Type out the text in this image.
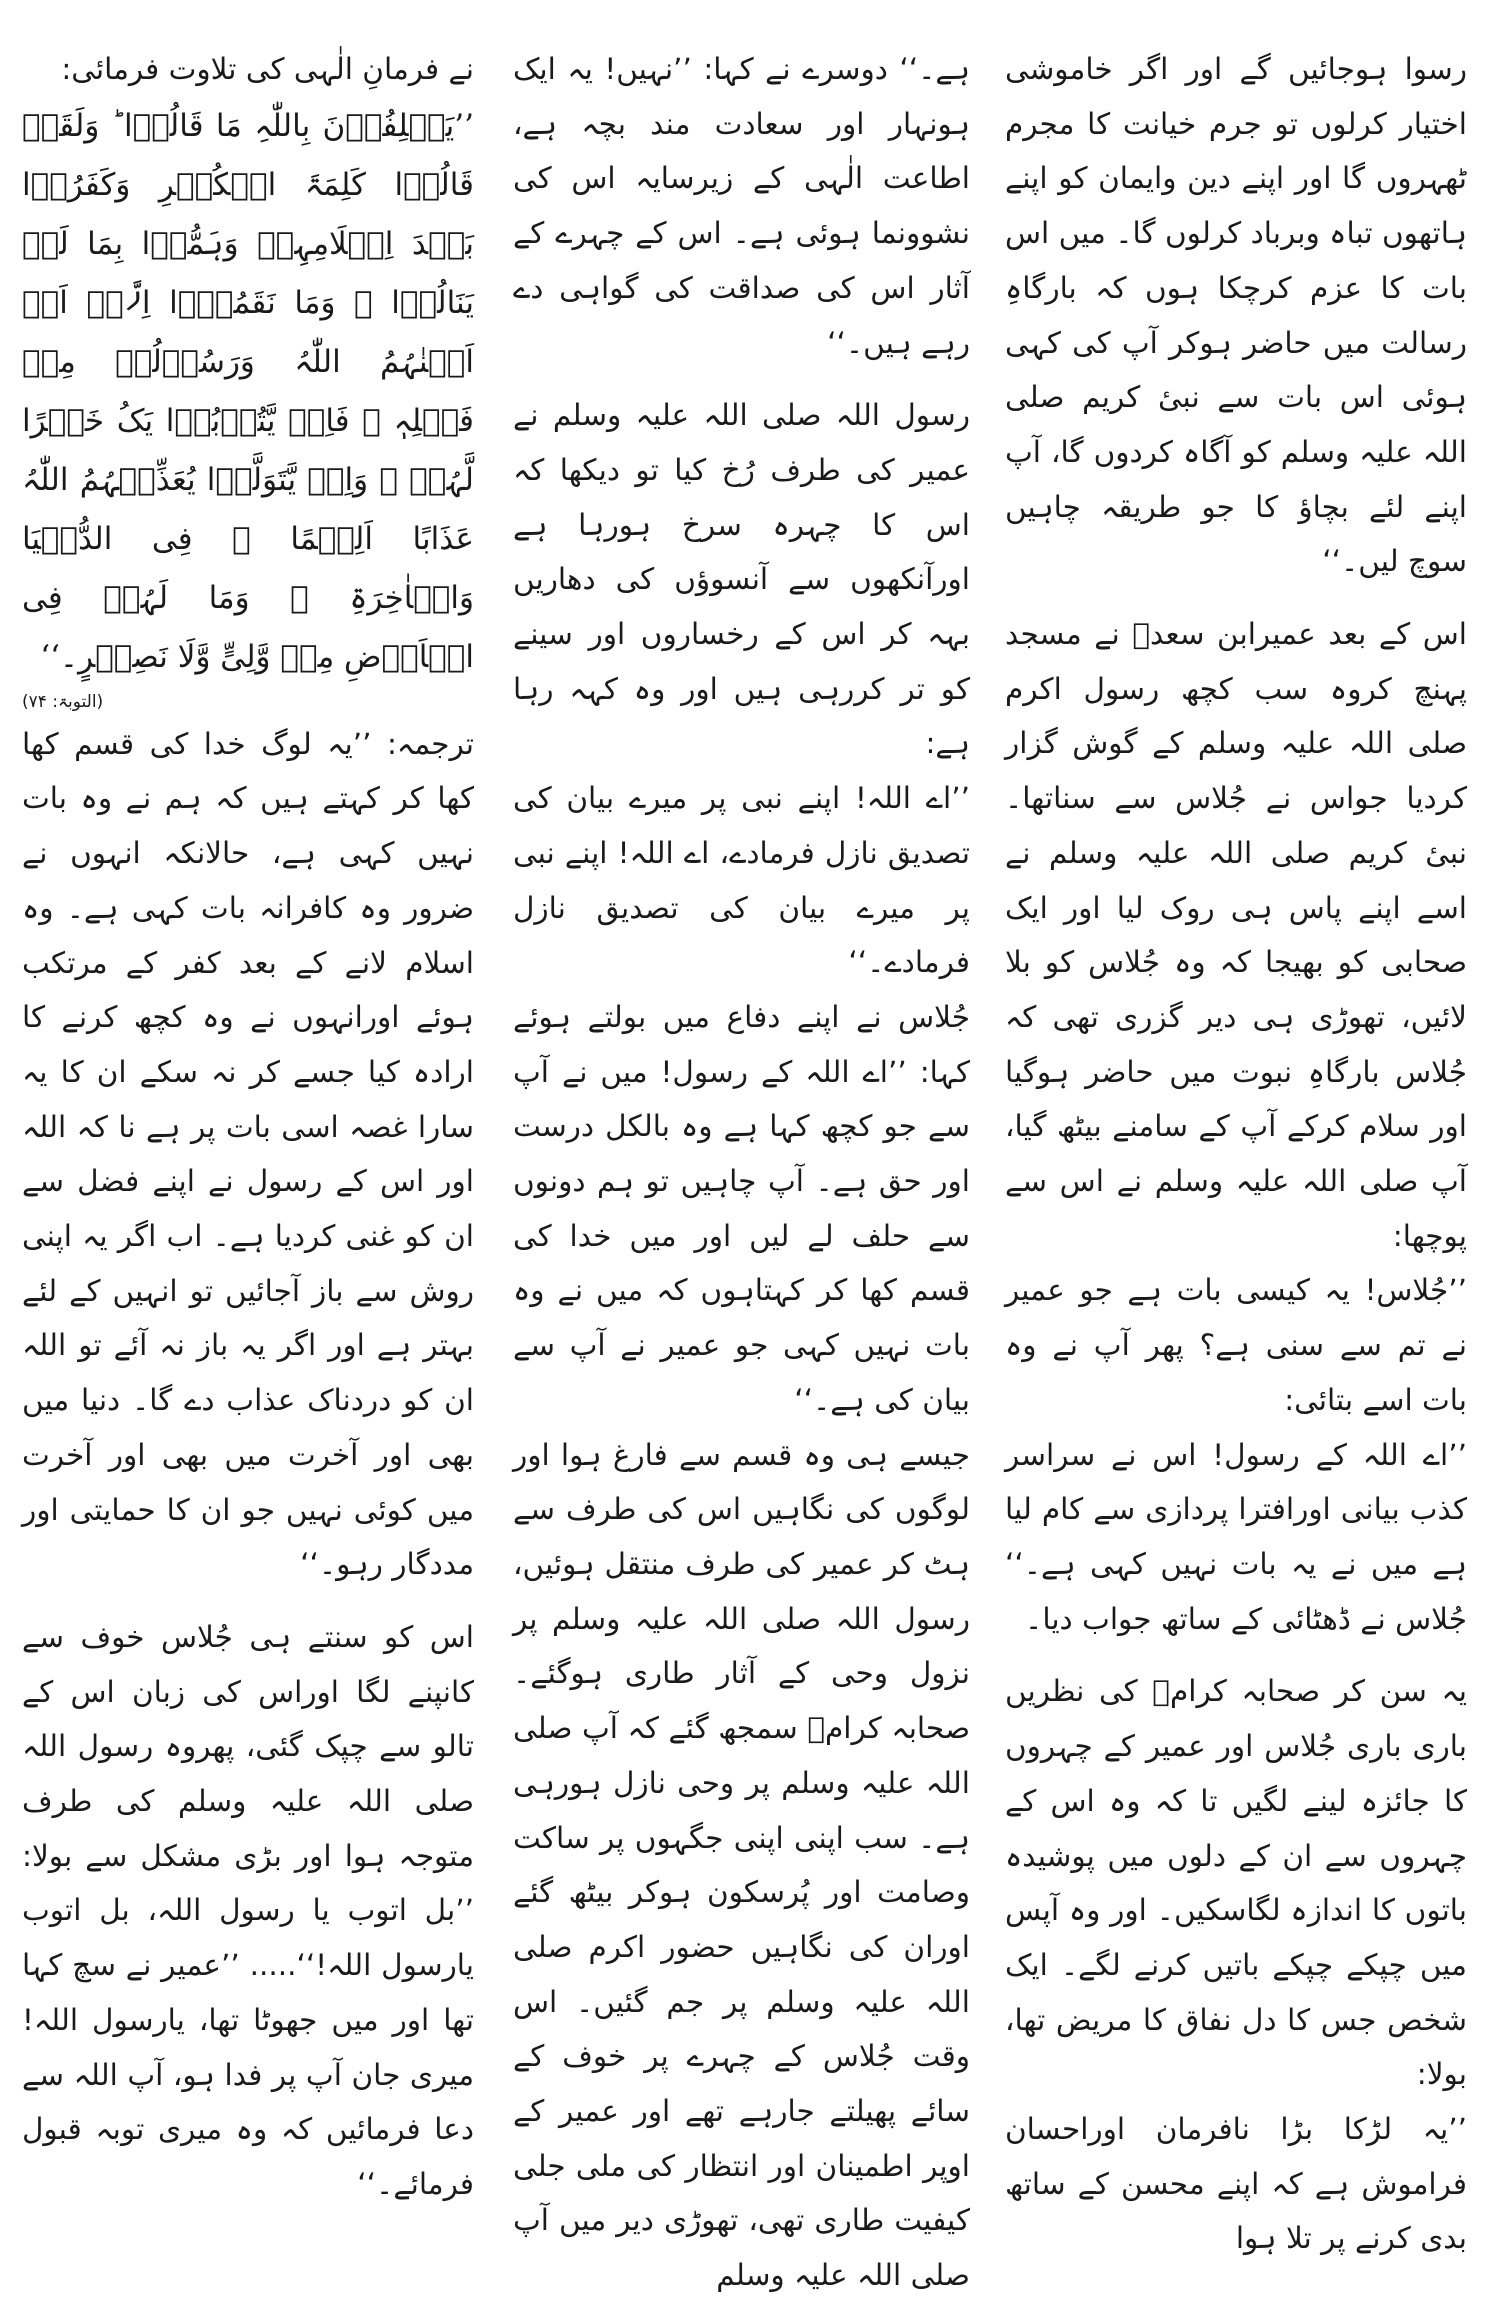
رسوا ہوجائیں گے اور اگر خاموشی اختیار کرلوں تو جرم خیانت کا مجرم ٹھہروں گا اور اپنے دین وایمان کو اپنے ہاتھوں تباہ وبرباد کرلوں گا۔ میں اس بات کا عزم کرچکا ہوں کہ بارگاہِ رسالت میں حاضر ہوکر آپ کی کہی ہوئی اس بات سے نبیٔ کریم صلی اللہ علیہ وسلم کو آگاہ کردوں گا، آپ اپنے لئے بچاؤ کا جو طریقہ چاہیں سوچ لیں۔‘‘

اس کے بعد عمیرابن سعدؓ نے مسجد پہنچ کروہ سب کچھ رسول اکرم صلی اللہ علیہ وسلم کے گوش گزار کردیا جواس نے جُلاس سے سناتھا۔ نبیٔ کریم صلی اللہ علیہ وسلم نے اسے اپنے پاس ہی روک لیا اور ایک صحابی کو بھیجا کہ وہ جُلاس کو بلا لائیں، تھوڑی ہی دیر گزری تھی کہ جُلاس بارگاہِ نبوت میں حاضر ہوگیا اور سلام کرکے آپ کے سامنے بیٹھ گیا، آپ صلی اللہ علیہ وسلم نے اس سے پوچھا:

’’جُلاس! یہ کیسی بات ہے جو عمیر نے تم سے سنی ہے؟ پھر آپ نے وہ بات اسے بتائی:

’’اے اللہ کے رسول! اس نے سراسر کذب بیانی اورافترا پردازی سے کام لیا ہے میں نے یہ بات نہیں کہی ہے۔‘‘ جُلاس نے ڈھٹائی کے ساتھ جواب دیا۔

یہ سن کر صحابہ کرامؓ کی نظریں باری باری جُلاس اور عمیر کے چہروں کا جائزہ لینے لگیں تا کہ وہ اس کے چہروں سے ان کے دلوں میں پوشیدہ باتوں کا اندازہ لگاسکیں۔ اور وہ آپس میں چپکے چپکے باتیں کرنے لگے۔ ایک شخص جس کا دل نفاق کا مریض تھا، بولا:

’’یہ لڑکا بڑا نافرمان اوراحسان فراموش ہے کہ اپنے محسن کے ساتھ بدی کرنے پر تلا ہوا

ہے۔‘‘ دوسرے نے کہا: ’’نہیں! یہ ایک ہونہار اور سعادت مند بچہ ہے، اطاعت الٰہی کے زیرسایہ اس کی نشوونما ہوئی ہے۔ اس کے چہرے کے آثار اس کی صداقت کی گواہی دے رہے ہیں۔‘‘

رسول اللہ صلی اللہ علیہ وسلم نے عمیر کی طرف رُخ کیا تو دیکھا کہ اس کا چہرہ سرخ ہورہا ہے اورآنکھوں سے آنسوؤں کی دھاریں بہہ کر اس کے رخساروں اور سینے کو تر کررہی ہیں اور وہ کہہ رہا ہے:

’’اے اللہ! اپنے نبی پر میرے بیان کی تصدیق نازل فرمادے، اے اللہ! اپنے نبی پر میرے بیان کی تصدیق نازل فرمادے۔‘‘

جُلاس نے اپنے دفاع میں بولتے ہوئے کہا: ’’اے اللہ کے رسول! میں نے آپ سے جو کچھ کہا ہے وہ بالکل درست اور حق ہے۔ آپ چاہیں تو ہم دونوں سے حلف لے لیں اور میں خدا کی قسم کھا کر کہتاہوں کہ میں نے وہ بات نہیں کہی جو عمیر نے آپ سے بیان کی ہے۔‘‘

جیسے ہی وہ قسم سے فارغ ہوا اور لوگوں کی نگاہیں اس کی طرف سے ہٹ کر عمیر کی طرف منتقل ہوئیں، رسول اللہ صلی اللہ علیہ وسلم پر نزول وحی کے آثار طاری ہوگئے۔ صحابہ کرامؓ سمجھ گئے کہ آپ صلی اللہ علیہ وسلم پر وحی نازل ہورہی ہے۔ سب اپنی اپنی جگہوں پر ساکت وصامت اور پُرسکون ہوکر بیٹھ گئے اوران کی نگاہیں حضور اکرم صلی اللہ علیہ وسلم پر جم گئیں۔ اس وقت جُلاس کے چہرے پر خوف کے سائے پھیلتے جارہے تھے اور عمیر کے اوپر اطمینان اور انتظار کی ملی جلی کیفیت طاری تھی، تھوڑی دیر میں آپ صلی اللہ علیہ وسلم

نے فرمانِ الٰہی کی تلاوت فرمائی:

’’یَحۡلِفُوۡنَ بِاللّٰہِ مَا قَالُوۡا ؕ وَلَقَدۡ قَالُوۡا کَلِمَۃَ الۡکُفۡرِ وَکَفَرُوۡا بَعۡدَ اِسۡلَامِہِمۡ وَہَمُّوۡا بِمَا لَمۡ یَنَالُوۡا ۚ وَمَا نَقَمُوۡۤا اِلَّاۤ اَنۡ اَغۡنٰہُمُ اللّٰہُ وَرَسُوۡلُہٗ مِنۡ فَضۡلِہٖ ۚ فَاِنۡ یَّتُوۡبُوۡا یَکُ خَیۡرًا لَّہُمۡ ۚ وَاِنۡ یَّتَوَلَّوۡا یُعَذِّبۡہُمُ اللّٰہُ عَذَابًا اَلِیۡمًا ۙ فِی الدُّنۡیَا وَالۡاٰخِرَۃِ ۚ وَمَا لَہُمۡ فِی الۡاَرۡضِ مِنۡ وَّلِیٍّ وَّلَا نَصِیۡرٍ۔‘‘

(التوبۃ: ۷۴)

ترجمہ: ’’یہ لوگ خدا کی قسم کھا کھا کر کہتے ہیں کہ ہم نے وہ بات نہیں کہی ہے، حالانکہ انہوں نے ضرور وہ کافرانہ بات کہی ہے۔ وہ اسلام لانے کے بعد کفر کے مرتکب ہوئے اورانہوں نے وہ کچھ کرنے کا ارادہ کیا جسے کر نہ سکے ان کا یہ سارا غصہ اسی بات پر ہے نا کہ اللہ اور اس کے رسول نے اپنے فضل سے ان کو غنی کردیا ہے۔ اب اگر یہ اپنی روش سے باز آجائیں تو انہیں کے لئے بہتر ہے اور اگر یہ باز نہ آئے تو اللہ ان کو دردناک عذاب دے گا۔ دنیا میں بھی اور آخرت میں بھی اور آخرت میں کوئی نہیں جو ان کا حمایتی اور مددگار رہو۔‘‘

اس کو سنتے ہی جُلاس خوف سے کانپنے لگا اوراس کی زبان اس کے تالو سے چپک گئی، پھروہ رسول اللہ صلی اللہ علیہ وسلم کی طرف متوجہ ہوا اور بڑی مشکل سے بولا: ’’بل اتوب یا رسول اللہ، بل اتوب یارسول اللہ!‘‘..... ’’عمیر نے سچ کہا تھا اور میں جھوٹا تھا، یارسول اللہ! میری جان آپ پر فدا ہو، آپ اللہ سے دعا فرمائیں کہ وہ میری توبہ قبول فرمائے۔‘‘
